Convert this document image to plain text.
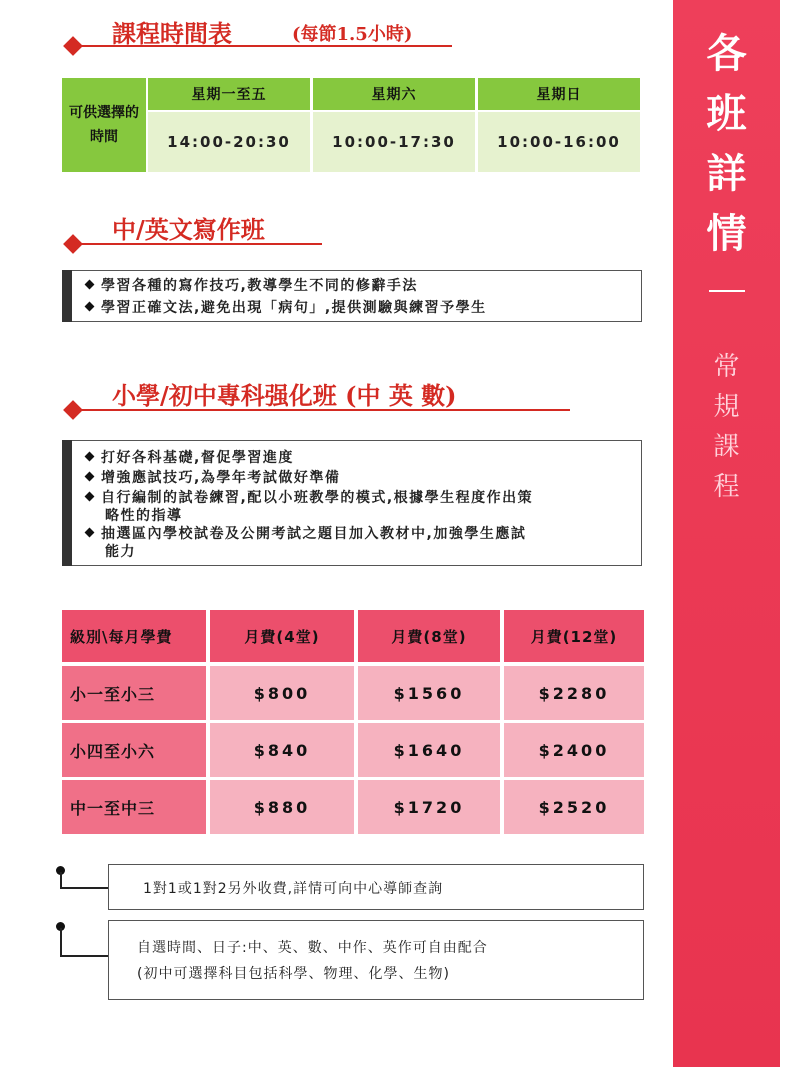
課程時間表	(每節1.5小時)
可供選擇的時間
星期一至五	星期六	星期日
14:00-20:30	10:00-17:30	10:00-16:00
中/英文寫作班
學習各種的寫作技巧,教導學生不同的修辭手法
學習正確文法,避免出現「病句」,提供測驗與練習予學生
小學/初中專科强化班 (中 英 數)
打好各科基礎,督促學習進度
增強應試技巧,為學年考試做好準備
自行編制的試卷練習,配以小班教學的模式,根據學生程度作出策
略性的指導
抽選區內學校試卷及公開考試之題目加入教材中,加強學生應試
能力
級別\每月學費	月費(4堂)	月費(8堂)	月費(12堂)
小一至小三	$800	$1560	$2280
小四至小六	$840	$1640	$2400
中一至中三	$880	$1720	$2520
1對1或1對2另外收費,詳情可向中心導師查詢
自選時間、日子:中、英、數、中作、英作可自由配合
(初中可選擇科目包括科學、物理、化學、生物)
各
班
詳
情
常
規
課
程
